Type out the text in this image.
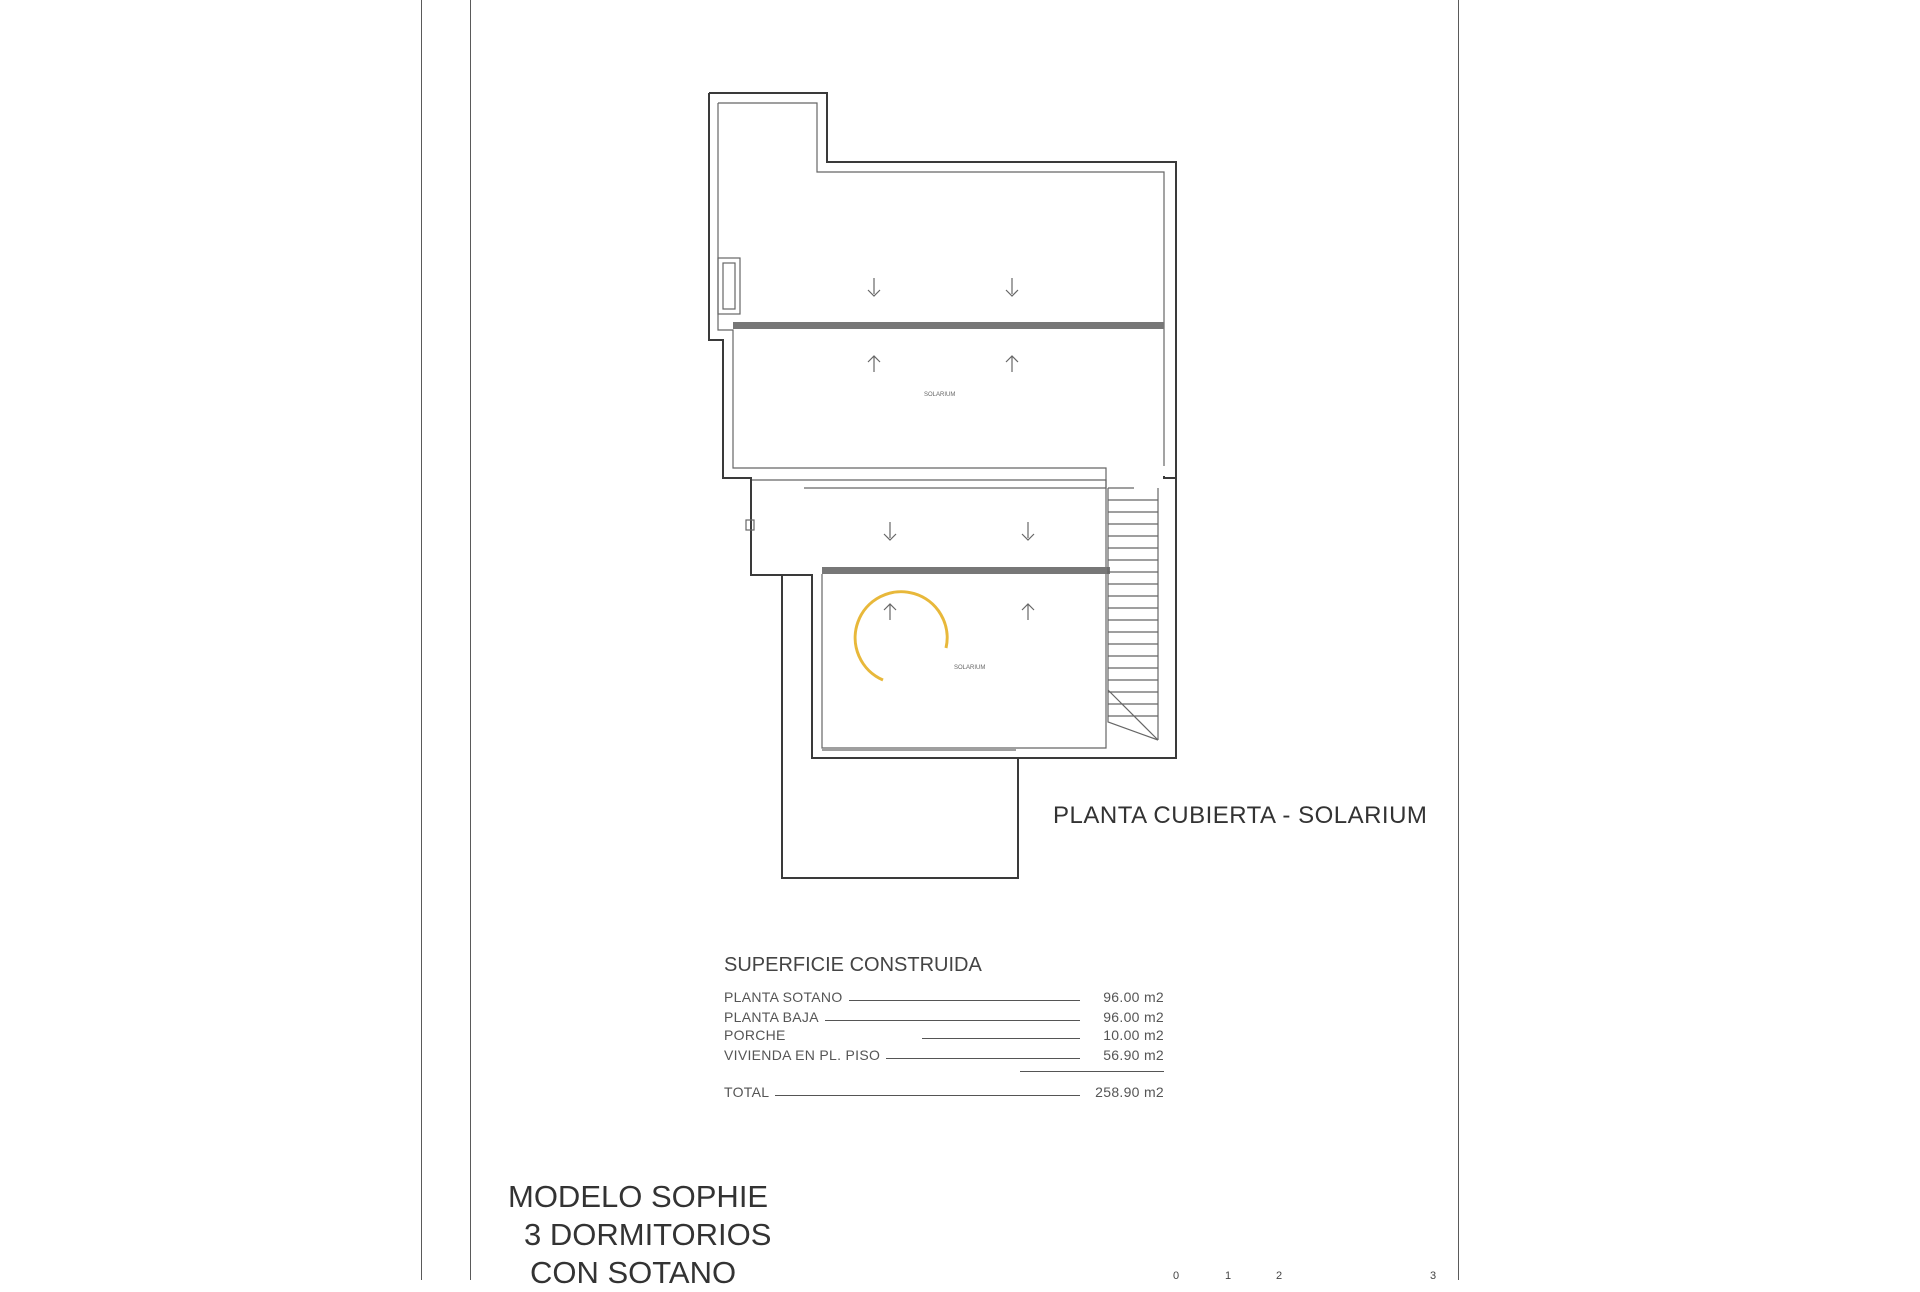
SOLARIUM
SOLARIUM
PLANTA CUBIERTA - SOLARIUM
SUPERFICIE CONSTRUIDA
PLANTA SOTANO	96.00 m2
PLANTA BAJA	96.00 m2
PORCHE	10.00 m2
VIVIENDA EN PL. PISO	56.90 m2
TOTAL	258.90 m2
MODELO SOPHIE
3 DORMITORIOS
CON SOTANO	0	1	2	3
